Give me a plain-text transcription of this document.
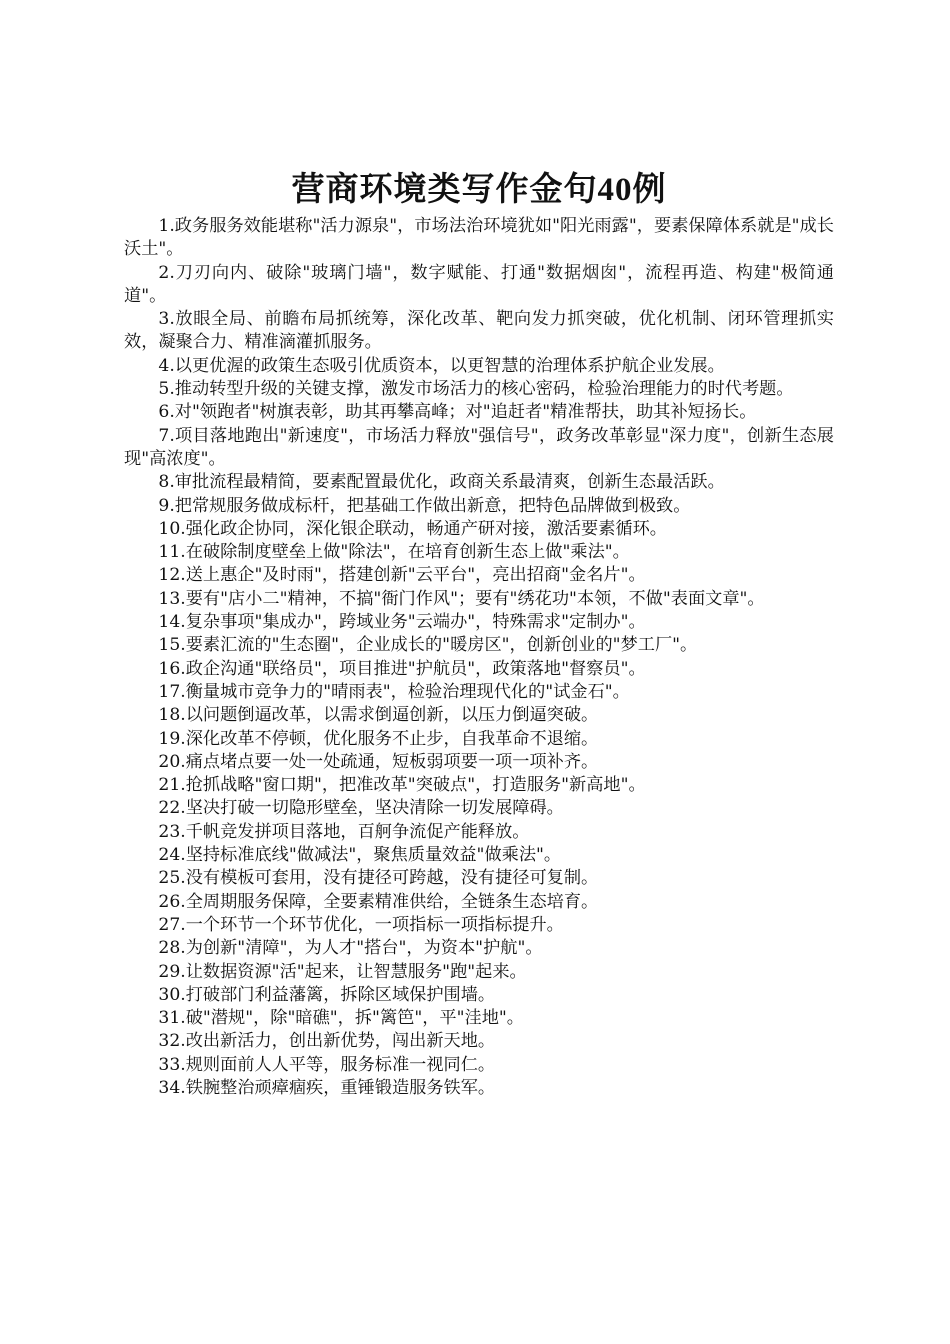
营商环境类写作金句40例
1.政务服务效能堪称"活力源泉"，市场法治环境犹如"阳光雨露"，要素保障体系就是"成长沃土"。
2.刀刃向内、破除"玻璃门墙"，数字赋能、打通"数据烟囱"，流程再造、构建"极简通道"。
3.放眼全局、前瞻布局抓统筹，深化改革、靶向发力抓突破，优化机制、闭环管理抓实效，凝聚合力、精准滴灌抓服务。
4.以更优渥的政策生态吸引优质资本，以更智慧的治理体系护航企业发展。
5.推动转型升级的关键支撑，激发市场活力的核心密码，检验治理能力的时代考题。
6.对"领跑者"树旗表彰，助其再攀高峰；对"追赶者"精准帮扶，助其补短扬长。
7.项目落地跑出"新速度"，市场活力释放"强信号"，政务改革彰显"深力度"，创新生态展现"高浓度"。
8.审批流程最精简，要素配置最优化，政商关系最清爽，创新生态最活跃。
9.把常规服务做成标杆，把基础工作做出新意，把特色品牌做到极致。
10.强化政企协同，深化银企联动，畅通产研对接，激活要素循环。
11.在破除制度壁垒上做"除法"，在培育创新生态上做"乘法"。
12.送上惠企"及时雨"，搭建创新"云平台"，亮出招商"金名片"。
13.要有"店小二"精神，不搞"衙门作风"；要有"绣花功"本领，不做"表面文章"。
14.复杂事项"集成办"，跨域业务"云端办"，特殊需求"定制办"。
15.要素汇流的"生态圈"，企业成长的"暖房区"，创新创业的"梦工厂"。
16.政企沟通"联络员"，项目推进"护航员"，政策落地"督察员"。
17.衡量城市竞争力的"晴雨表"，检验治理现代化的"试金石"。
18.以问题倒逼改革，以需求倒逼创新，以压力倒逼突破。
19.深化改革不停顿，优化服务不止步，自我革命不退缩。
20.痛点堵点要一处一处疏通，短板弱项要一项一项补齐。
21.抢抓战略"窗口期"，把准改革"突破点"，打造服务"新高地"。
22.坚决打破一切隐形壁垒，坚决清除一切发展障碍。
23.千帆竞发拼项目落地，百舸争流促产能释放。
24.坚持标准底线"做减法"，聚焦质量效益"做乘法"。
25.没有模板可套用，没有捷径可跨越，没有捷径可复制。
26.全周期服务保障，全要素精准供给，全链条生态培育。
27.一个环节一个环节优化，一项指标一项指标提升。
28.为创新"清障"，为人才"搭台"，为资本"护航"。
29.让数据资源"活"起来，让智慧服务"跑"起来。
30.打破部门利益藩篱，拆除区域保护围墙。
31.破"潜规"，除"暗礁"，拆"篱笆"，平"洼地"。
32.改出新活力，创出新优势，闯出新天地。
33.规则面前人人平等，服务标准一视同仁。
34.铁腕整治顽瘴痼疾，重锤锻造服务铁军。
